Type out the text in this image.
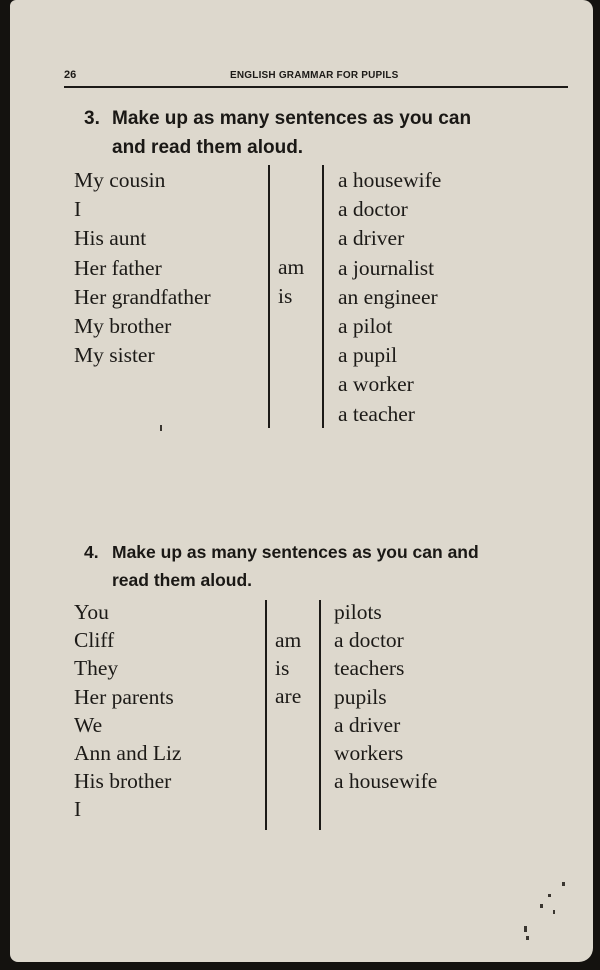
26	ENGLISH GRAMMAR FOR PUPILS
3. Make up as many sentences as you can
and read them aloud.
My cousin
I
His aunt
Her father
Her grandfather
My brother
My sister
am
is
a housewife
a doctor
a driver
a journalist
an engineer
a pilot
a pupil
a worker
a teacher
4. Make up as many sentences as you can and
read them aloud.
You
Cliff
They
Her parents
We
Ann and Liz
His brother
I
am
is
are
pilots
a doctor
teachers
pupils
a driver
workers
a housewife
